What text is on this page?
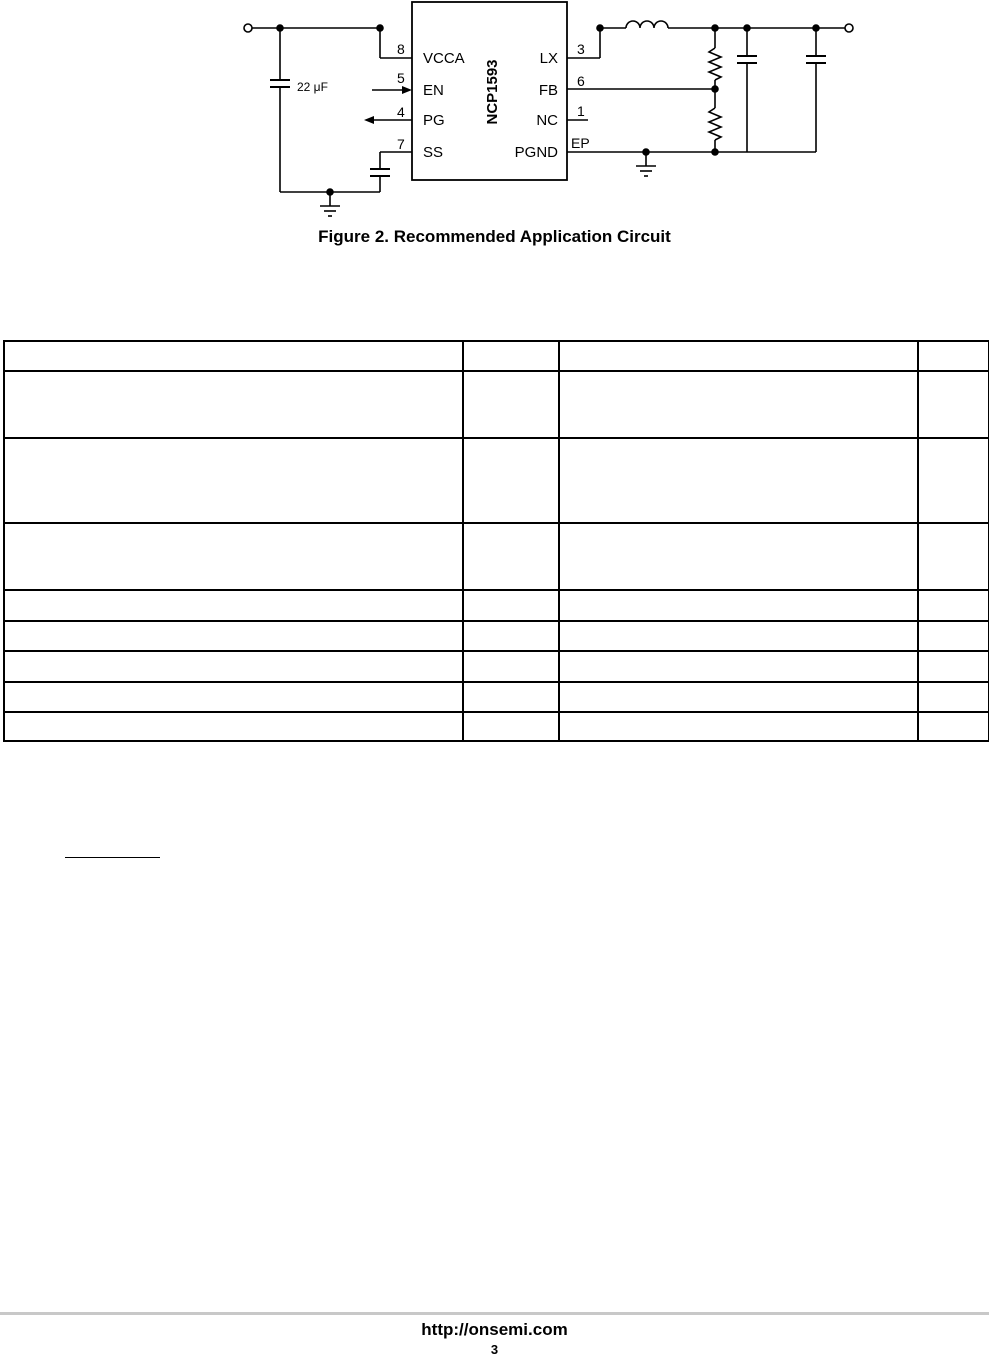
22 μF
8
5
4
7
VCCA
EN
PG
SS
NCP1593
LX
FB
NC
PGND
3
6
1
EP
Figure 2. Recommended Application Circuit

http://onsemi.com
3
